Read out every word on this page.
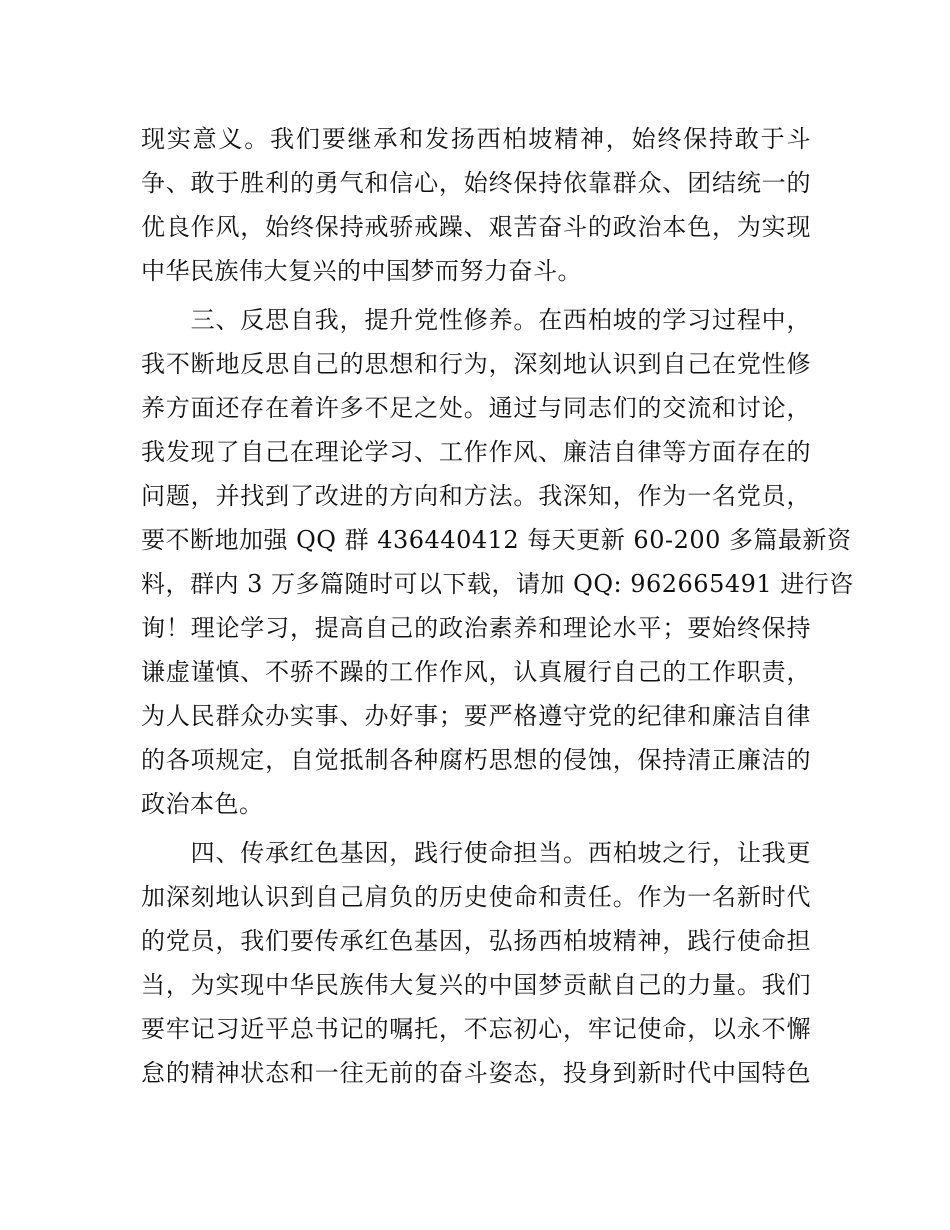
现实意义。我们要继承和发扬西柏坡精神，始终保持敢于斗
争、敢于胜利的勇气和信心，始终保持依靠群众、团结统一的
优良作风，始终保持戒骄戒躁、艰苦奋斗的政治本色，为实现
中华民族伟大复兴的中国梦而努力奋斗。
　　三、反思自我，提升党性修养。在西柏坡的学习过程中，
我不断地反思自己的思想和行为，深刻地认识到自己在党性修
养方面还存在着许多不足之处。通过与同志们的交流和讨论，
我发现了自己在理论学习、工作作风、廉洁自律等方面存在的
问题，并找到了改进的方向和方法。我深知，作为一名党员，
要不断地加强 QQ 群 436440412 每天更新 60-200 多篇最新资
料，群内 3 万多篇随时可以下载，请加 QQ: 962665491 进行咨
询！理论学习，提高自己的政治素养和理论水平；要始终保持
谦虚谨慎、不骄不躁的工作作风，认真履行自己的工作职责，
为人民群众办实事、办好事；要严格遵守党的纪律和廉洁自律
的各项规定，自觉抵制各种腐朽思想的侵蚀，保持清正廉洁的
政治本色。
　　四、传承红色基因，践行使命担当。西柏坡之行，让我更
加深刻地认识到自己肩负的历史使命和责任。作为一名新时代
的党员，我们要传承红色基因，弘扬西柏坡精神，践行使命担
当，为实现中华民族伟大复兴的中国梦贡献自己的力量。我们
要牢记习近平总书记的嘱托，不忘初心，牢记使命，以永不懈
怠的精神状态和一往无前的奋斗姿态，投身到新时代中国特色
